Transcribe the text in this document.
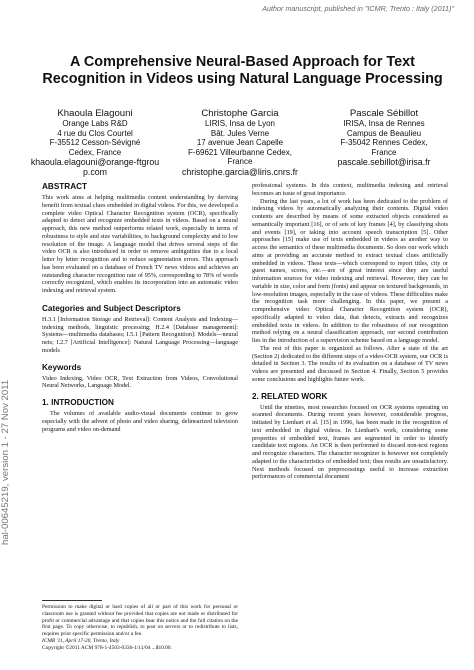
Author manuscript, published in "ICMR, Trento : Italy (2011)"
hal-00645219, version 1 - 27 Nov 2011
A Comprehensive Neural-Based Approach for Text Recognition in Videos using Natural Language Processing
Khaoula Elagouni
Orange Labs R&D
4 rue du Clos Courtel
F-35512 Cesson-Sévigné
Cedex, France
khaoula.elagouni@orange-ftgroup.com
Christophe Garcia
LIRIS, Insa de Lyon
Bât. Jules Verne
17 avenue Jean Capelle
F-69621 Villeurbanne Cedex,
France
christophe.garcia@liris.cnrs.fr
Pascale Sébillot
IRISA, Insa de Rennes
Campus de Beaulieu
F-35042 Rennes Cedex,
France
pascale.sebillot@irisa.fr

ABSTRACT

This work aims at helping multimedia content understanding by deriving benefit from textual clues embedded in digital videos. For this, we developed a complete video Optical Character Recognition system (OCR), specifically adapted to detect and recognize embedded texts in videos. Based on a neural approach, this new method outperforms related work, especially in terms of robustness to style and size variabilities, to background complexity and to low resolution of the image. A language model that drives several steps of the video OCR is also introduced in order to remove ambiguities due to a local letter by letter recognition and to reduce segmentation errors. This approach has been evaluated on a database of French TV news videos and achieves an outstanding character recognition rate of 95%, corresponding to 78% of words correctly recognized, which enables its incorporation into an automatic video indexing and retrieval system.

Categories and Subject Descriptors

H.3.1 [Information Storage and Retrieval]: Content Analysis and Indexing—indexing methods, linguistic processing; H.2.4 [Database management]: Systems—multimedia databases; I.5.1 [Pattern Recognition]: Models—neural nets; I.2.7 [Artificial Intelligence]: Natural Language Processing—language models

Keywords

Video Indexing, Video OCR, Text Extraction from Videos, Convolutional Neural Networks, Language Model.

1. INTRODUCTION

The volumes of available audio-visual documents continue to grow especially with the advent of photo and video sharing, delinearized television programs and video on-demand

Permission to make digital or hard copies of all or part of this work for personal or classroom use is granted without fee provided that copies are not made or distributed for profit or commercial advantage and that copies bear this notice and the full citation on the first page. To copy otherwise, to republish, to post on servers or to redistribute to lists, requires prior specific permission and/or a fee.

ICMR '11, April 17-20, Trento, Italy

Copyright ©2011 ACM 978-1-4503-0336-1/11/04 ...$10.00.

professional systems. In this context, multimedia indexing and retrieval becomes an issue of great importance.

During the last years, a lot of work has been dedicated to the problem of indexing videos by automatically analyzing their contents. Digital video contents are described by means of some extracted objects considered as semantically important [16], or of sets of key frames [4], by classifying shots and events [19], or taking into account speech transcription [5]. Other approaches [15] make use of texts embedded in videos as another way to access the semantics of these multimedia documents. So does our work which aims at providing an accurate method to extract textual clues artificially embedded in videos. These texts—which correspond to report titles, city or guest names, scores, etc.—are of great interest since they are useful information sources for video indexing and retrieval. However, they can be variable in size, color and form (fonts) and appear on textured backgrounds, in low-resolution images, especially in the case of videos. These difficulties make the recognition task more challenging. In this paper, we present a comprehensive video Optical Character Recognition system (OCR), specifically adapted to video data, that detects, extracts and recognizes embedded texts in videos. In addition to the robustness of our recognition method relying on a neural classification approach, our second contribution lies in the introduction of a supervision scheme based on a language model.

The rest of this paper is organized as follows. After a state of the art (Section 2) dedicated to the different steps of a video-OCR system, our OCR is detailed in Section 3. The results of its evaluation on a database of TV news videos are presented and discussed in Section 4. Finally, Section 5 provides some conclusions and highlights future work.

2. RELATED WORK

Until the nineties, most researches focused on OCR systems operating on scanned documents. During recent years however, considerable progress, initiated by Lienhart et al. [15] in 1996, has been made in the recognition of text embedded in digital videos. In Lienhart's work, considering some properties of embedded text, frames are segmented in order to identify candidate text regions. An OCR is then performed to discard non-text regions and recognize characters. The character recognizer is however not completely adapted to the characteristics of embedded text; thus results are unsatisfactory. Next methods focused on preprocessings useful to increase extraction performances of commercial document
